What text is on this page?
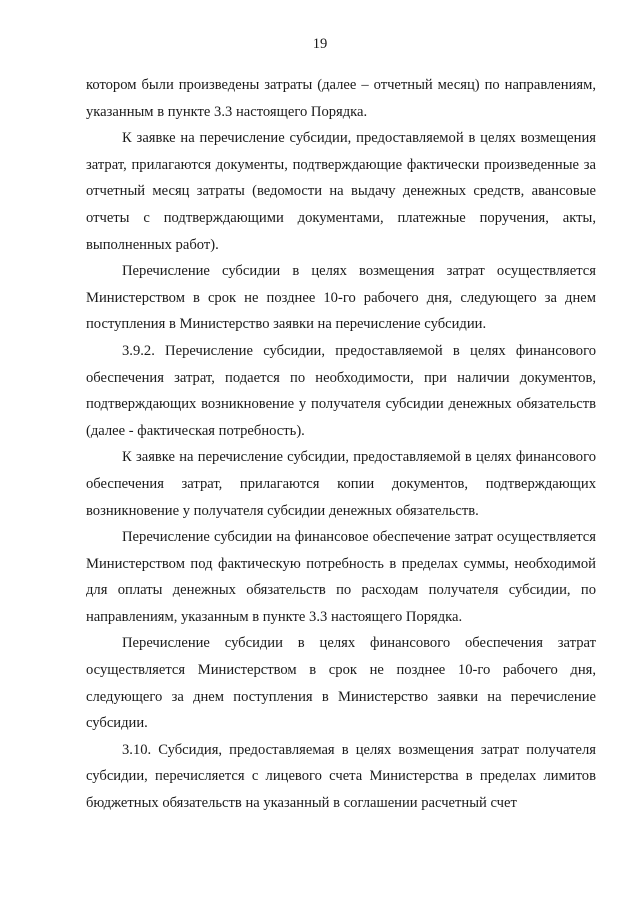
19

котором были произведены затраты (далее – отчетный месяц) по направлениям, указанным в пункте 3.3 настоящего Порядка.

К заявке на перечисление субсидии, предоставляемой в целях возмещения затрат, прилагаются документы, подтверждающие фактически произведенные за отчетный месяц затраты (ведомости на выдачу денежных средств, авансовые отчеты с подтверждающими документами, платежные поручения, акты, выполненных работ).

Перечисление субсидии в целях возмещения затрат осуществляется Министерством в срок не позднее 10-го рабочего дня, следующего за днем поступления в Министерство заявки на перечисление субсидии.

3.9.2. Перечисление субсидии, предоставляемой в целях финансового обеспечения затрат, подается по необходимости, при наличии документов, подтверждающих возникновение у получателя субсидии денежных обязательств (далее - фактическая потребность).

К заявке на перечисление субсидии, предоставляемой в целях финансового обеспечения затрат, прилагаются копии документов, подтверждающих возникновение у получателя субсидии денежных обязательств.

Перечисление субсидии на финансовое обеспечение затрат осуществляется Министерством под фактическую потребность в пределах суммы, необходимой для оплаты денежных обязательств по расходам получателя субсидии, по направлениям, указанным в пункте 3.3 настоящего Порядка.

Перечисление субсидии в целях финансового обеспечения затрат осуществляется Министерством в срок не позднее 10-го рабочего дня, следующего за днем поступления в Министерство заявки на перечисление субсидии.

3.10. Субсидия, предоставляемая в целях возмещения затрат получателя субсидии, перечисляется с лицевого счета Министерства в пределах лимитов бюджетных обязательств на указанный в соглашении расчетный счет
